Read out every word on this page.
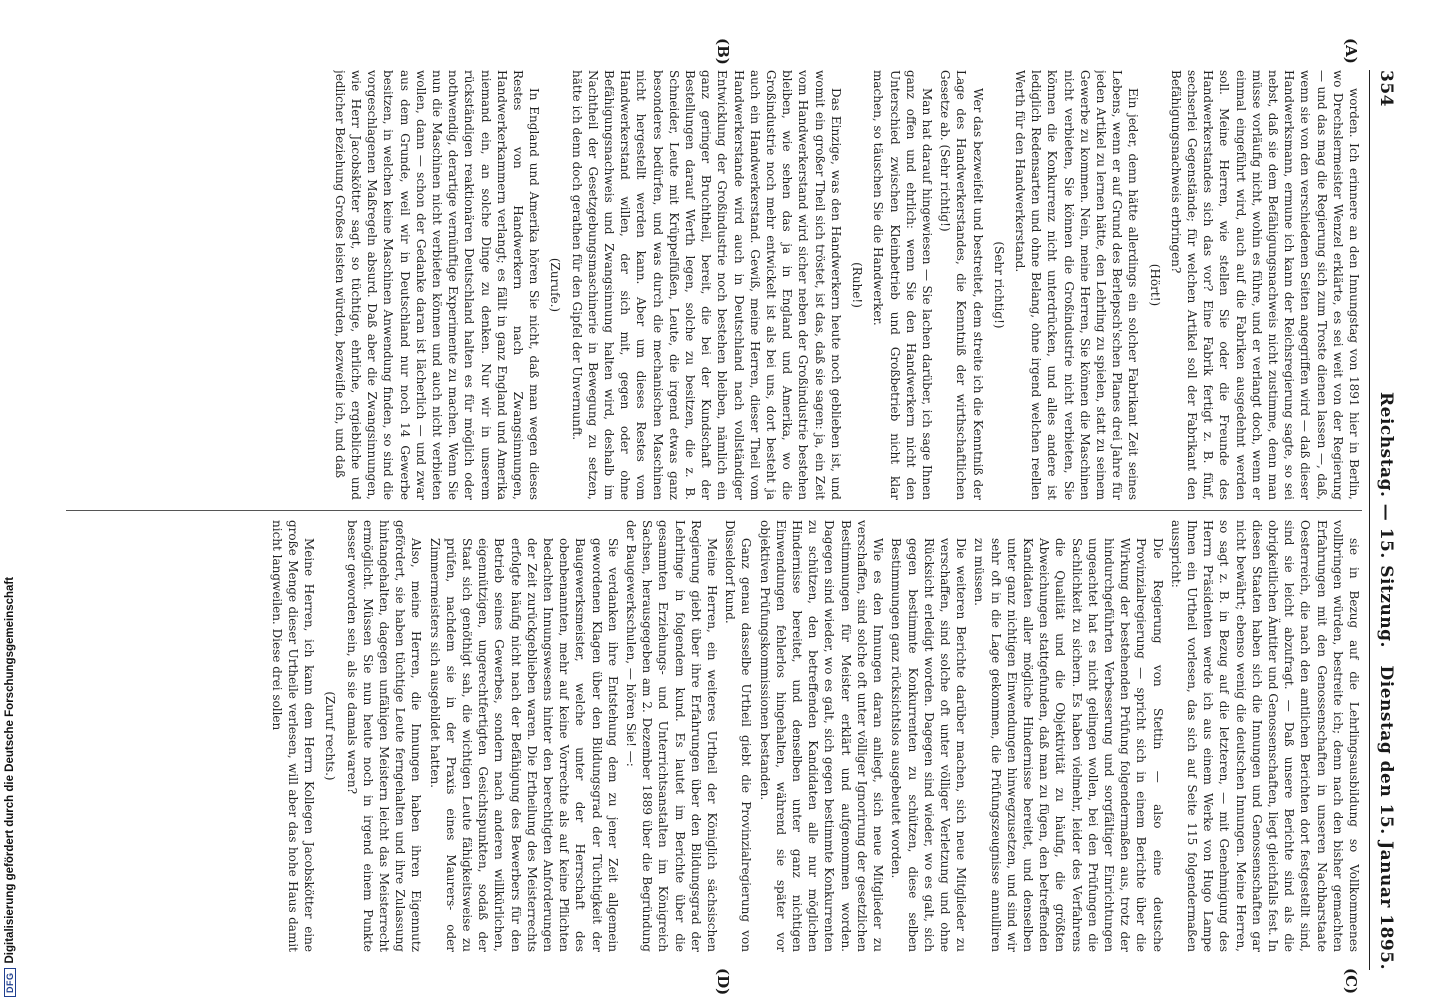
354
Reichstag. — 15. Sitzung.
Dienstag den 15. Januar 1895.
(A)
(B)
(C)
(D)

worden. Ich erinnere an den Innungstag von 1891 hier in Berlin, wo Drechslermeister Wenzel erklärte, es sei weit von der Regierung — und das mag die Regierung sich zum Troste dienen lassen —, daß, wenn sie von den verschiedenen Seiten angegriffen wird — daß dieser Handwerksmann, ermune ich kann der Reichsregierung sagte, so sei nebst, daß sie dem Befähigungsnachweis nicht zustimme, denn man müsse vorläufig nicht, wohin es führe, und er verlangt doch, wenn er einmal eingeführt wird, auch auf die Fabriken ausgedehnt werden soll. Meine Herren, wie stellen Sie oder die Freunde des Handwerkerstandes sich das vor? Eine Fabrik fertigt z. B. fünf, sechserlei Gegenstände; für welchen Artikel soll der Fabrikant den Befähigungsnachweis erbringen?

(Hört!)

Ein jeder, denn hätte allerdings ein solcher Fabrikant Zeit seines Lebens, wenn er auf Grund des Berlepsch'schen Planes drei Jahre für jeden Artikel zu lernen hätte, den Lehrling zu spielen, statt zu seinem Gewerbe zu kommen. Nein, meine Herren, Sie können die Maschinen nicht verbieten, Sie können die Großindustrie nicht verbieten, Sie können die Konkurrenz nicht unterdrücken, und alles andere ist lediglich Redensarten und ohne Belang, ohne irgend welchen reellen Werth für den Handwerkerstand.

(Sehr richtig!)

Wer das bezweifelt und bestreitet, dem streite ich die Kenntniß der Lage des Handwerkerstandes, die Kenntniß der wirthschaftlichen Gesetze ab. (Sehr richtig!)

Man hat darauf hingewiesen — Sie lachen darüber, ich sage Ihnen ganz offen und ehrlich: wenn Sie den Handwerkern nicht den Unterschied zwischen Kleinbetrieb und Großbetrieb nicht klar machen, so täuschen Sie die Handwerker.

(Ruhe!)

Das Einzige, was den Handwerkern heute noch geblieben ist, und womit ein großer Theil sich tröstet, ist das, daß sie sagen: ja, ein Zeit vom Handwerkerstand wird sicher neben der Großindustrie bestehen bleiben, wie sehen das ja in England und Amerika, wo die Großindustrie noch mehr entwickelt ist als bei uns, dort besteht ja auch ein Handwerkerstand. Gewiß, meine Herren, dieser Theil vom Handwerkerstande wird auch in Deutschland nach vollständiger Entwicklung der Großindustrie noch bestehen bleiben, nämlich ein ganz geringer Bruchtheil, bereit, die bei der Kundschaft der Bestellungen darauf Werth legen, solche zu besitzen, die z. B. Schneider, Leute mit Krüppelfüßen, Leute, die irgend etwas ganz besonderes bedürfen, und was durch die mechanischen Maschinen nicht hergestellt werden kann. Aber um dieses Restes vom Handwerkerstand willen, der sich mit, gegen oder ohne Befähigungsnachweis und Zwangsinnung halten wird, deshalb im Nachtheil der Gesetzgebungsmaschinerie in Bewegung zu setzen, hätte ich denn doch gerathen für den Gipfel der Unvernunft.

(Zurufe.)

In England und Amerika hören Sie nicht, daß man wegen dieses Restes von Handwerkern nach Zwangsinnungen, Handwerkerkammern verlangt; es fällt in ganz England und Amerika niemand ein, an solche Dinge zu denken. Nur wir in unserem rückständigen reaktionären Deutschland halten es für möglich oder nothwendig, derartige vernünftige Experimente zu machen. Wenn Sie nun die Maschinen nicht verbieten können und auch nicht verbieten wollen, dann — schon der Gedanke daran ist lächerlich — und zwar aus dem Grunde, weil wir in Deutschland nur noch 14 Gewerbe besitzen, in welchen keine Maschinen Anwendung finden, so sind die vorgeschlagenen Maßregeln absurd. Daß aber die Zwangsinnungen, wie Herr Jacobskötter sagt, so tüchtige, ehrliche, ergiebliche und jedlicher Beziehung Großes leisten würden, bezweifle ich, und daß

sie in Bezug auf die Lehrlingsausbildung so Vollkommenes vollbringen würden, bestreite ich; denn nach den bisher gemachten Erfahrungen mit den Genossenschaften in unseren Nachbarstaate Oesterreich, die nach den amtlichen Berichten dort festgestellt sind, sind sie leicht abzufragt. — Daß unsere Berichte sind als die obrigkeitlichen Ämtiter und Genossenschaften, liegt gleichfalls fest. In diesen Staaten haben sich die Innungen und Genossenschaften gar nicht bewährt; ebenso wenig die deutschen Innungen. Meine Herren, so sagt z. B. in Bezug auf die letzteren, — mit Genehmigung des Herrn Präsidenten werde ich aus einem Werke von Hugo Lampe Ihnen ein Urtheil vorlesen, das sich auf Seite 115 folgendermaßen ausspricht:

Die Regierung von Stettin — also eine deutsche Provinzialregierung — spricht sich in einem Berichte über die Wirkung der bestehenden Prüfung folgendermaßen aus, trotz der hindurchgeführten Verbesserung und sorgfältiger Einrichtungen ungeachtet hat es nicht gelingen wollen, bei den Prüfungen die Sachlichkeit zu sichern. Es haben vielmehr, leider des Verfahrens die Qualität und die Objektivität zu häufig, die größten Abweichungen stattgefunden, daß man zu fügen, den betreffenden Kandidaten aller mögliche Hindernisse bereitet, und denselben unter ganz nichtigen Einwendungen hinwegzusetzen, und sind wir sehr oft in die Lage gekommen, die Prüfungszeugnisse annulliren zu müssen.

Die weiteren Berichte darüber machen, sich neue Mitglieder zu verschaffen, sind solche oft unter völliger Verletzung und ohne Rücksicht erledigt worden. Dagegen sind wieder, wo es galt, sich gegen bestimmte Konkurrenten zu schützen, diese selben Bestimmungen ganz rücksichtslos ausgebeutet worden.

Wie es den Innungen daran anliegt, sich neue Mitglieder zu verschaffen, sind solche oft unter völliger Ignorirung der gesetzlichen Bestimmungen für Meister erklärt und aufgenommen worden. Dagegen sind wieder, wo es galt, sich gegen bestimmte Konkurrenten zu schützen, den betreffenden Kandidaten alle nur möglichen Hindernisse bereitet, und denselben unter ganz nichtigen Einwendungen fehlerlos hingehalten, während sie später vor objektiven Prüfungskommissionen bestanden.

Ganz genau dasselbe Urtheil giebt die Provinzialregierung von Düsseldorf kund.

Meine Herren, ein weiteres Urtheil der Königlich sächsischen Regierung giebt über ihre Erfahrungen über den Bildungsgrad der Lehrlinge in folgendem kund. Es lautet im Berichte über die gesammten Erziehungs- und Unterrichtsanstalten im Königreich Sachsen, herausgegeben am 2. Dezember 1889 über die Begründung der Baugewerkschulen, — hören Sie! —:

Sie verdanken ihre Entstehung dem zu jener Zeit allgemein gewordenen Klagen über den Bildungsgrad der Tüchtigkeit der Baugewerksmeister, welche unter der Herrschaft des obenbenannten, mehr auf keine Vorrechte als auf keine Pflichten bedachten Innungswesens hinter den berechtigten Anforderungen der Zeit zurückgeblieben waren. Die Ertheilung des Meisterrechts erfolgte häufig nicht nach der Befähigung des Bewerbers für den Betrieb seines Gewerbes, sondern nach anderen willkürlichen, eigennützigen, ungerechtfertigten Gesichtspunkten, sodaß der Staat sich genöthigt sah, die wichtigen Leute fähigkeitsweise zu prüfen, nachdem sie in der Praxis eines Maurers- oder Zimmermeisters sich ausgebildet hatten.

Also, meine Herren, die Innungen haben ihren Eigennutz gefördert, sie haben tüchtige Leute ferngehalten und ihre Zulassung hintangehalten, dagegen unfähigen Meistern leicht das Meisterrecht ermöglicht. Müssen Sie nun heute noch in irgend einem Punkte besser geworden sein, als sie damals waren?

(Zuruf rechts.)

Meine Herren, ich kann dem Herrn Kollegen Jacobskötter eine große Menge dieser Urtheile verlesen, will aber das hohe Haus damit nicht langweilen. Diese drei sollen

DFGDigitalisierung gefördert durch die Deutsche Forschungsgemeinschaft
